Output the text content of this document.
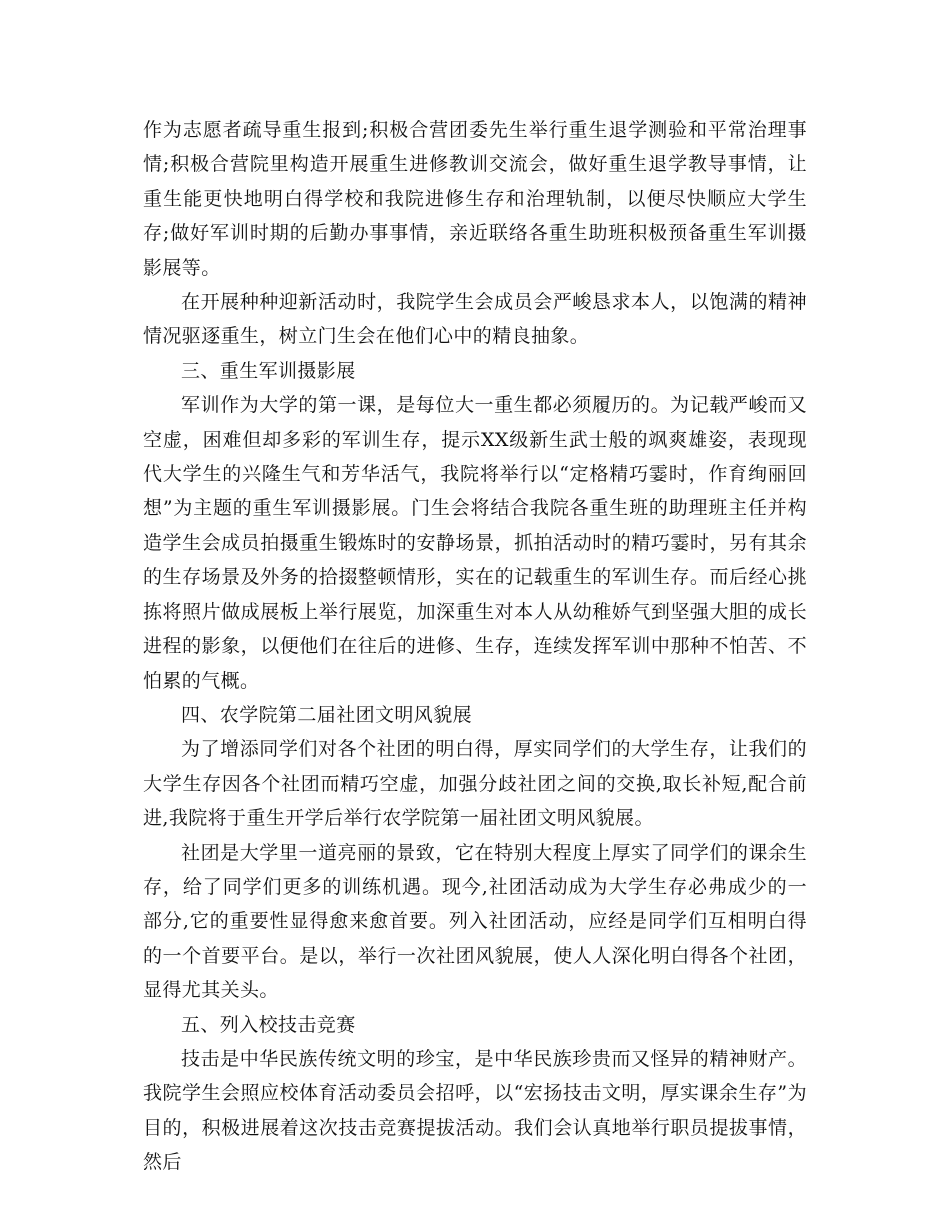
作为志愿者疏导重生报到;积极合营团委先生举行重生退学测验和平常治理事情;积极合营院里构造开展重生进修教训交流会，做好重生退学教导事情，让重生能更快地明白得学校和我院进修生存和治理轨制，以便尽快顺应大学生存;做好军训时期的后勤办事事情，亲近联络各重生助班积极预备重生军训摄影展等。

在开展种种迎新活动时，我院学生会成员会严峻恳求本人，以饱满的精神情况驱逐重生，树立门生会在他们心中的精良抽象。

三、重生军训摄影展

军训作为大学的第一课，是每位大一重生都必须履历的。为记载严峻而又空虚，困难但却多彩的军训生存，提示XX级新生武士般的飒爽雄姿，表现现代大学生的兴隆生气和芳华活气，我院将举行以“定格精巧霎时，作育绚丽回想”为主题的重生军训摄影展。门生会将结合我院各重生班的助理班主任并构造学生会成员拍摄重生锻炼时的安静场景，抓拍活动时的精巧霎时，另有其余的生存场景及外务的拾掇整顿情形，实在的记载重生的军训生存。而后经心挑拣将照片做成展板上举行展览，加深重生对本人从幼稚娇气到坚强大胆的成长进程的影象，以便他们在往后的进修、生存，连续发挥军训中那种不怕苦、不怕累的气概。

四、农学院第二届社团文明风貌展

为了增添同学们对各个社团的明白得，厚实同学们的大学生存，让我们的大学生存因各个社团而精巧空虚，加强分歧社团之间的交换,取长补短,配合前进,我院将于重生开学后举行农学院第一届社团文明风貌展。

社团是大学里一道亮丽的景致，它在特别大程度上厚实了同学们的课余生存，给了同学们更多的训练机遇。现今,社团活动成为大学生存必弗成少的一部分,它的重要性显得愈来愈首要。列入社团活动，应经是同学们互相明白得的一个首要平台。是以，举行一次社团风貌展，使人人深化明白得各个社团，显得尤其关头。

五、列入校技击竞赛

技击是中华民族传统文明的珍宝，是中华民族珍贵而又怪异的精神财产。我院学生会照应校体育活动委员会招呼，以“宏扬技击文明，厚实课余生存”为目的，积极进展着这次技击竞赛提拔活动。我们会认真地举行职员提拔事情，然后
